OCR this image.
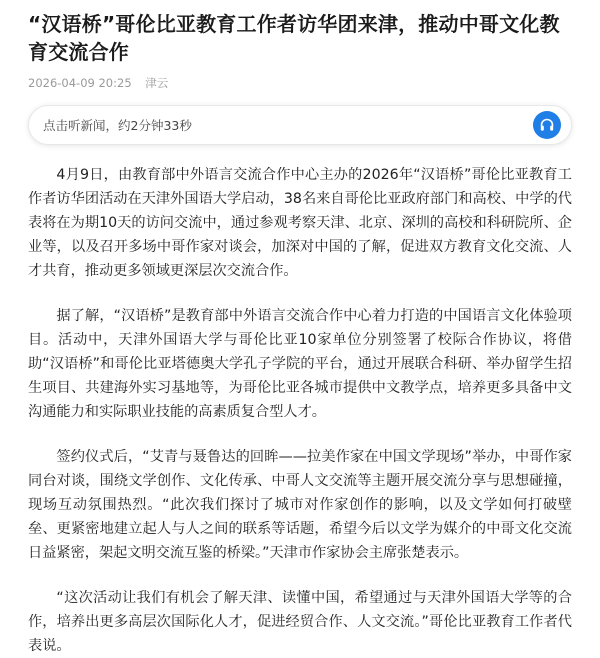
“汉语桥”哥伦比亚教育工作者访华团来津，推动中哥文化教育交流合作
2026-04-09 20:25 津云
点击听新闻，约2分钟33秒

4月9日，由教育部中外语言交流合作中心主办的2026年“汉语桥”哥伦比亚教育工作者访华团活动在天津外国语大学启动，38名来自哥伦比亚政府部门和高校、中学的代表将在为期10天的访问交流中，通过参观考察天津、北京、深圳的高校和科研院所、企业等，以及召开多场中哥作家对谈会，加深对中国的了解，促进双方教育文化交流、人才共育，推动更多领域更深层次交流合作。

据了解，“汉语桥”是教育部中外语言交流合作中心着力打造的中国语言文化体验项目。活动中，天津外国语大学与哥伦比亚10家单位分别签署了校际合作协议，将借助“汉语桥”和哥伦比亚塔德奥大学孔子学院的平台，通过开展联合科研、举办留学生招生项目、共建海外实习基地等，为哥伦比亚各城市提供中文教学点，培养更多具备中文沟通能力和实际职业技能的高素质复合型人才。

签约仪式后，“艾青与聂鲁达的回眸——拉美作家在中国文学现场”举办，中哥作家同台对谈，围绕文学创作、文化传承、中哥人文交流等主题开展交流分享与思想碰撞，现场互动氛围热烈。“此次我们探讨了城市对作家创作的影响，以及文学如何打破壁垒、更紧密地建立起人与人之间的联系等话题，希望今后以文学为媒介的中哥文化交流日益紧密，架起文明交流互鉴的桥梁。”天津市作家协会主席张楚表示。

“这次活动让我们有机会了解天津、读懂中国，希望通过与天津外国语大学等的合作，培养出更多高层次国际化人才，促进经贸合作、人文交流。”哥伦比亚教育工作者代表说。
